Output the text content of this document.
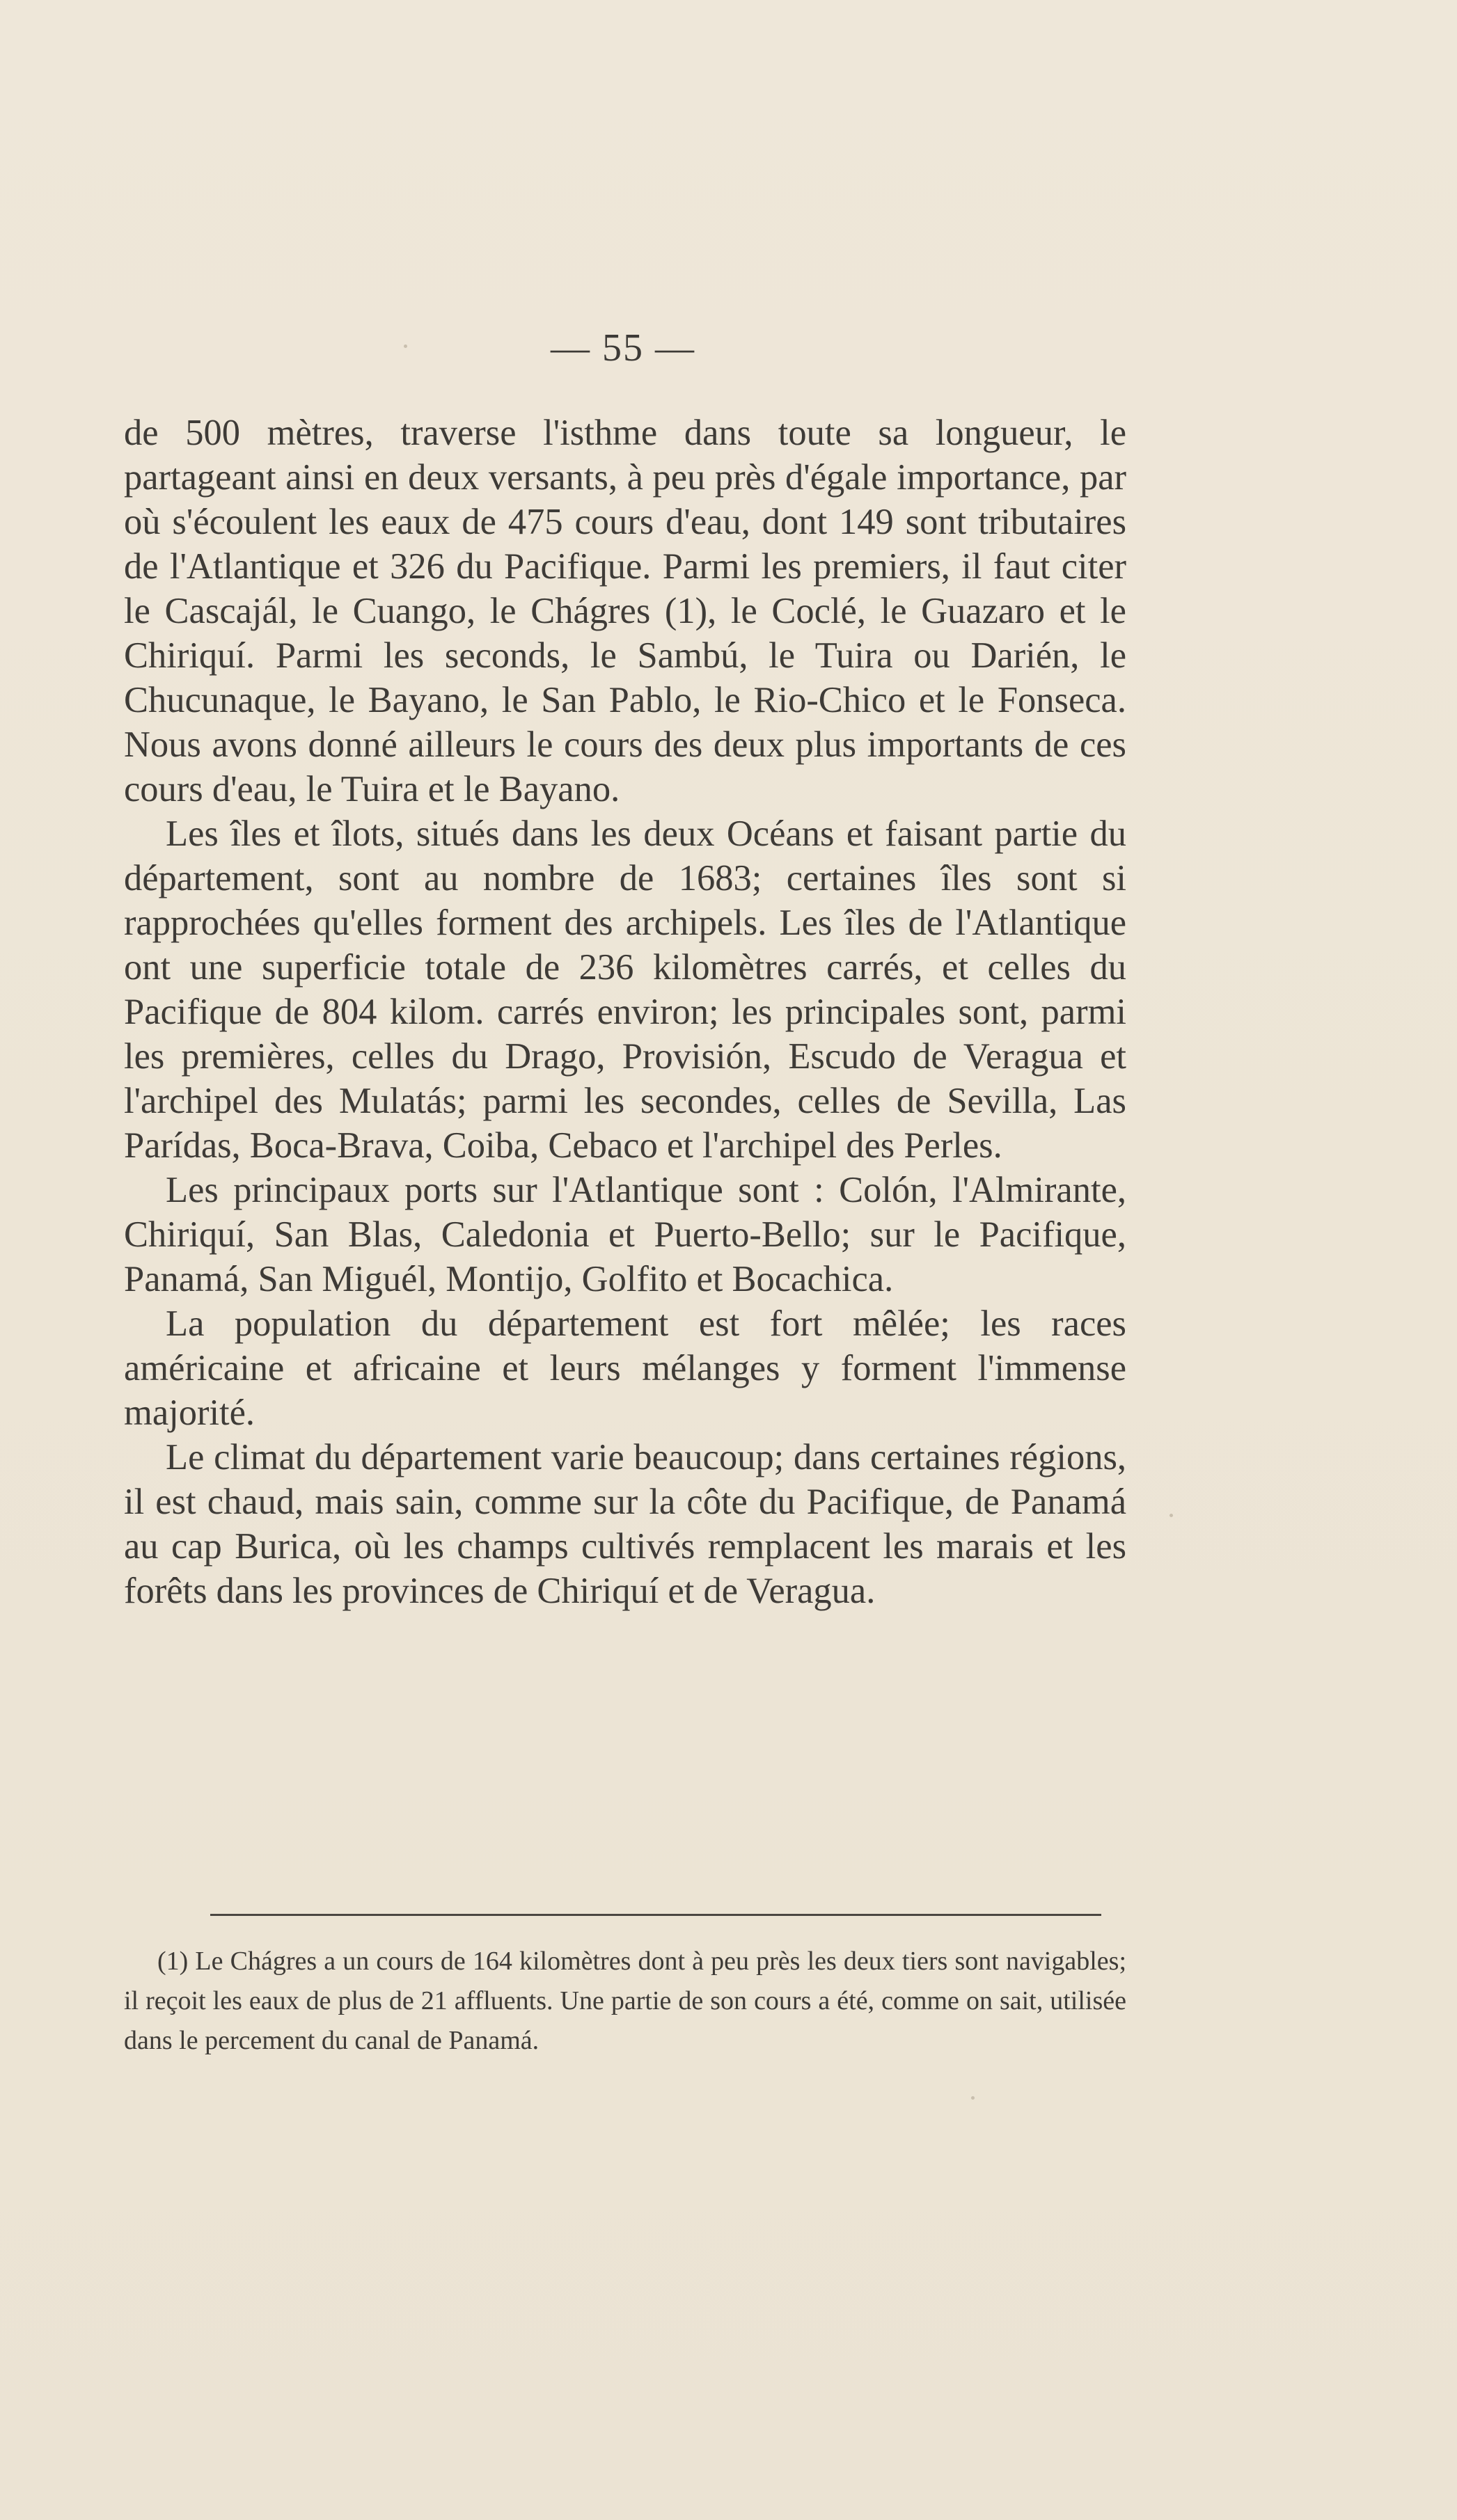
— 55 —

de 500 mètres, traverse l'isthme dans toute sa longueur, le partageant ainsi en deux versants, à peu près d'égale importance, par où s'écoulent les eaux de 475 cours d'eau, dont 149 sont tributaires de l'Atlantique et 326 du Pacifique. Parmi les premiers, il faut citer le Cascajál, le Cuango, le Chágres (1), le Coclé, le Guazaro et le Chiriquí. Parmi les seconds, le Sambú, le Tuira ou Darién, le Chucunaque, le Bayano, le San Pablo, le Rio-Chico et le Fonseca. Nous avons donné ailleurs le cours des deux plus importants de ces cours d'eau, le Tuira et le Bayano.

Les îles et îlots, situés dans les deux Océans et faisant partie du département, sont au nombre de 1683; certaines îles sont si rapprochées qu'elles forment des archipels. Les îles de l'Atlantique ont une superficie totale de 236 kilomètres carrés, et celles du Pacifique de 804 kilom. carrés environ; les principales sont, parmi les premières, celles du Drago, Provisión, Escudo de Veragua et l'archipel des Mulatás; parmi les secondes, celles de Sevilla, Las Parídas, Boca-Brava, Coiba, Cebaco et l'archipel des Perles.

Les principaux ports sur l'Atlantique sont : Colón, l'Almirante, Chiriquí, San Blas, Caledonia et Puerto-Bello; sur le Pacifique, Panamá, San Miguél, Montijo, Golfito et Bocachica.

La population du département est fort mêlée; les races américaine et africaine et leurs mélanges y forment l'immense majorité.

Le climat du département varie beaucoup; dans certaines régions, il est chaud, mais sain, comme sur la côte du Pacifique, de Panamá au cap Burica, où les champs cultivés remplacent les marais et les forêts dans les provinces de Chiriquí et de Veragua.

(1) Le Chágres a un cours de 164 kilomètres dont à peu près les deux tiers sont navigables; il reçoit les eaux de plus de 21 affluents. Une partie de son cours a été, comme on sait, utilisée dans le percement du canal de Panamá.
